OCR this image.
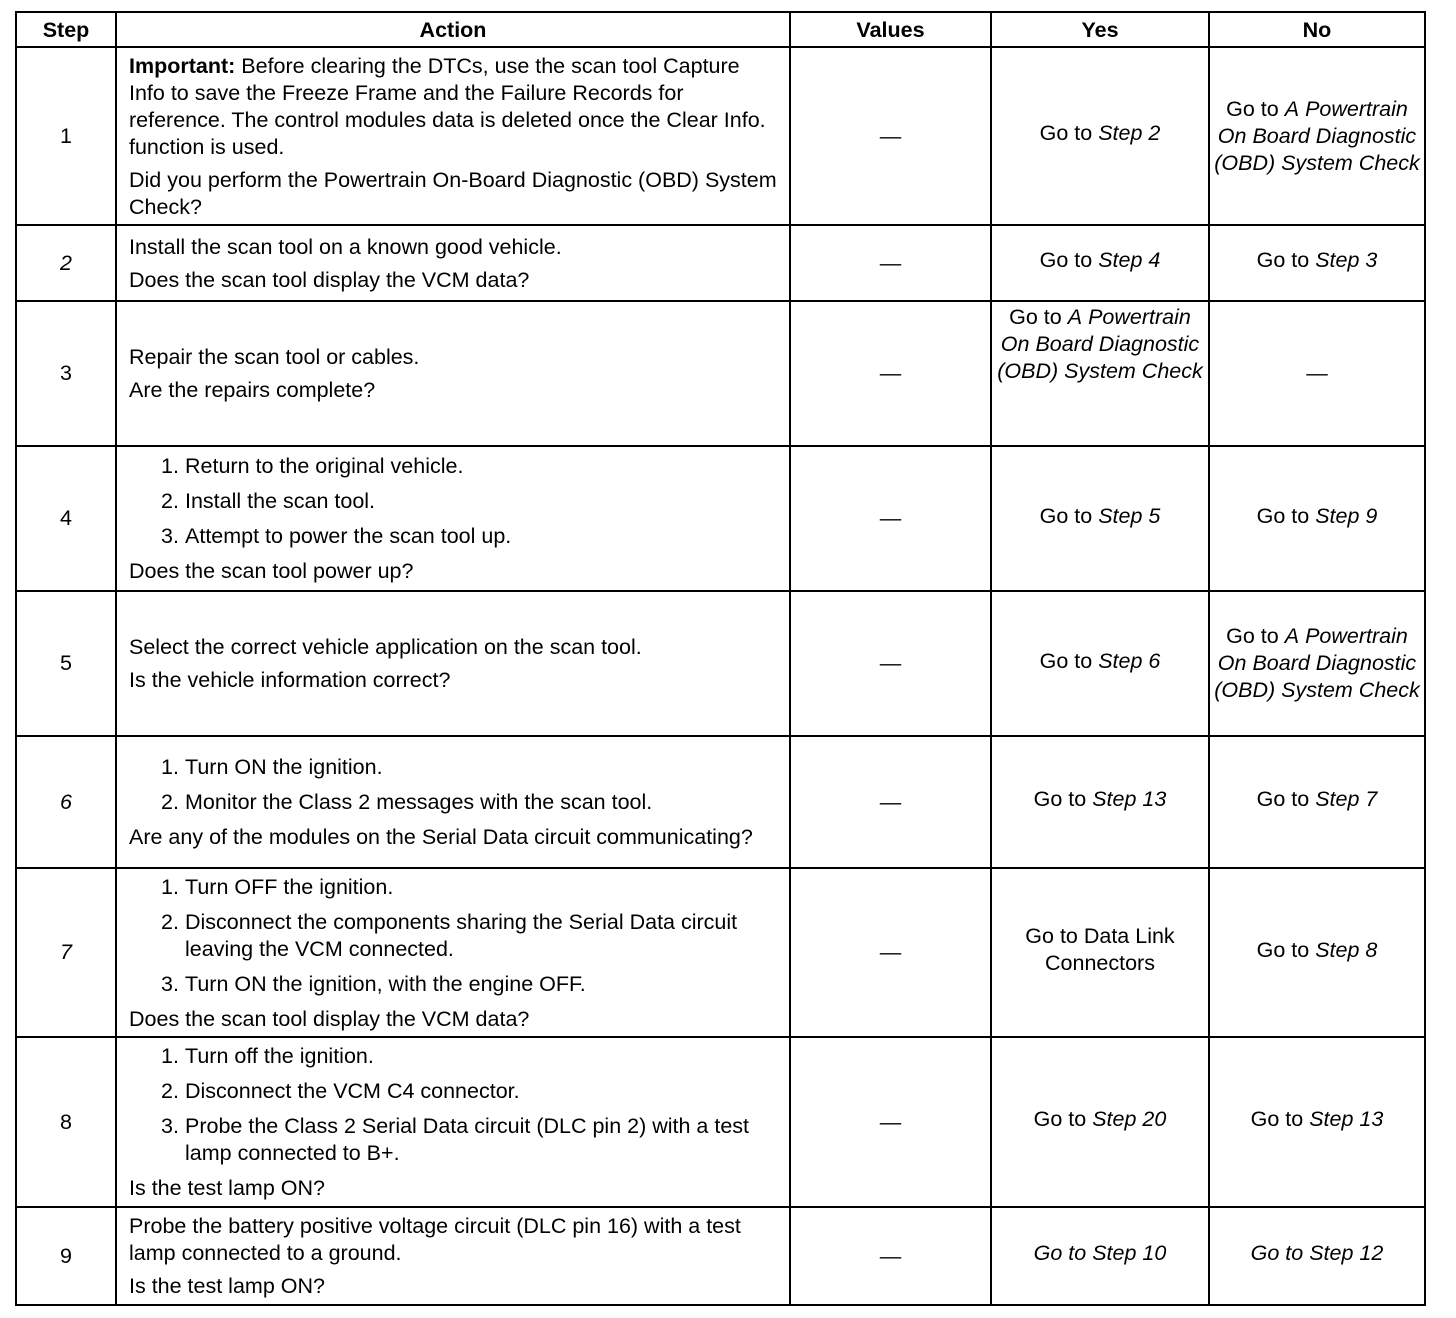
Step	Action	Values	Yes	No
1	Important: Before clearing the DTCs, use the scan tool Capture Info to save the Freeze Frame and the Failure Records for reference. The control modules data is deleted once the Clear Info. function is used.
Did you perform the Powertrain On-Board Diagnostic (OBD) System Check?	—	Go to Step 2	Go to A Powertrain On Board Diagnostic (OBD) System Check
2	Install the scan tool on a known good vehicle.
Does the scan tool display the VCM data?	—	Go to Step 4	Go to Step 3
3	Repair the scan tool or cables.
Are the repairs complete?	—	Go to A Powertrain On Board Diagnostic (OBD) System Check	—
4	1. Return to the original vehicle.
2. Install the scan tool.
3. Attempt to power the scan tool up.
Does the scan tool power up?	—	Go to Step 5	Go to Step 9
5	Select the correct vehicle application on the scan tool.
Is the vehicle information correct?	—	Go to Step 6	Go to A Powertrain On Board Diagnostic (OBD) System Check
6	1. Turn ON the ignition.
2. Monitor the Class 2 messages with the scan tool.
Are any of the modules on the Serial Data circuit communicating?	—	Go to Step 13	Go to Step 7
7	1. Turn OFF the ignition.
2. Disconnect the components sharing the Serial Data circuit leaving the VCM connected.
3. Turn ON the ignition, with the engine OFF.
Does the scan tool display the VCM data?	—	Go to Data Link Connectors	Go to Step 8
8	1. Turn off the ignition.
2. Disconnect the VCM C4 connector.
3. Probe the Class 2 Serial Data circuit (DLC pin 2) with a test lamp connected to B+.
Is the test lamp ON?	—	Go to Step 20	Go to Step 13
9	Probe the battery positive voltage circuit (DLC pin 16) with a test lamp connected to a ground.
Is the test lamp ON?	—	Go to Step 10	Go to Step 12
